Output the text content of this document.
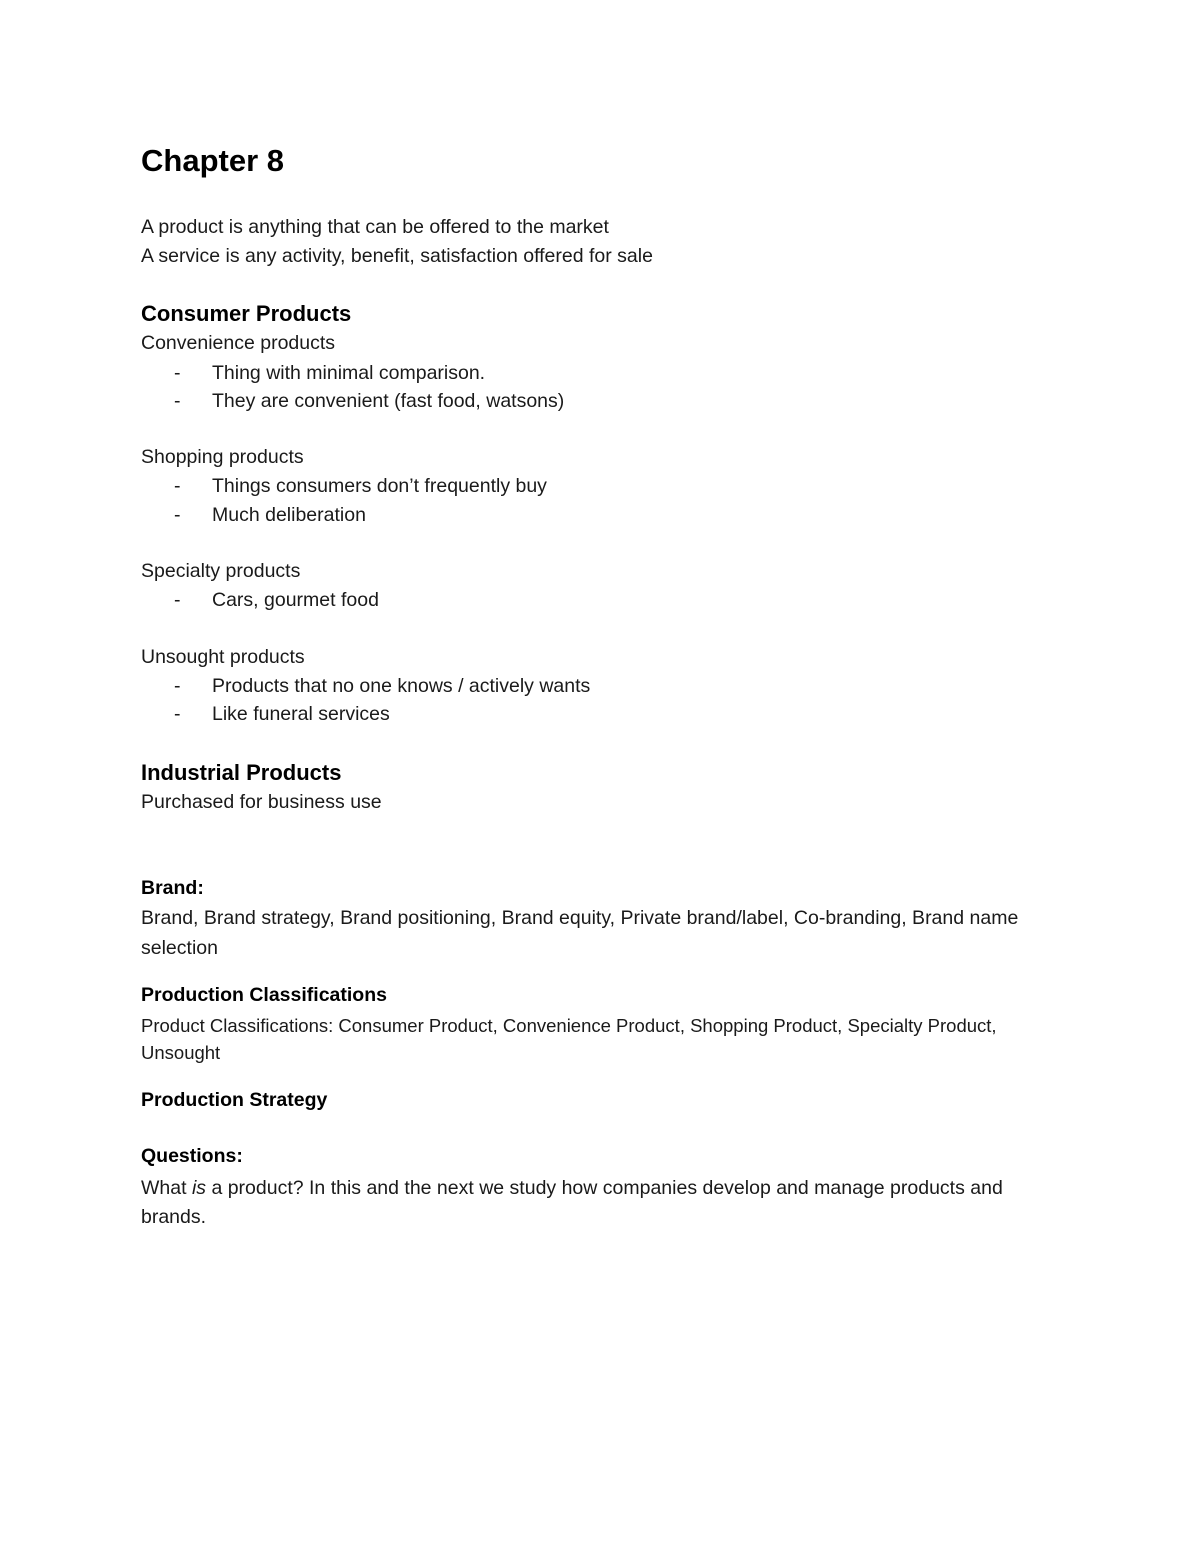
Chapter 8
A product is anything that can be offered to the market
A service is any activity, benefit, satisfaction offered for sale
Consumer Products
Convenience products
- Thing with minimal comparison.
- They are convenient (fast food, watsons)
Shopping products
- Things consumers don’t frequently buy
- Much deliberation
Specialty products
- Cars, gourmet food
Unsought products
- Products that no one knows / actively wants
- Like funeral services
Industrial Products
Purchased for business use
Brand:
Brand, Brand strategy, Brand positioning, Brand equity, Private brand/label, Co-branding, Brand name selection
Production Classifications
Product Classifications: Consumer Product, Convenience Product, Shopping Product, Specialty Product, Unsought
Production Strategy
Questions:
What is a product? In this and the next we study how companies develop and manage products and brands.
